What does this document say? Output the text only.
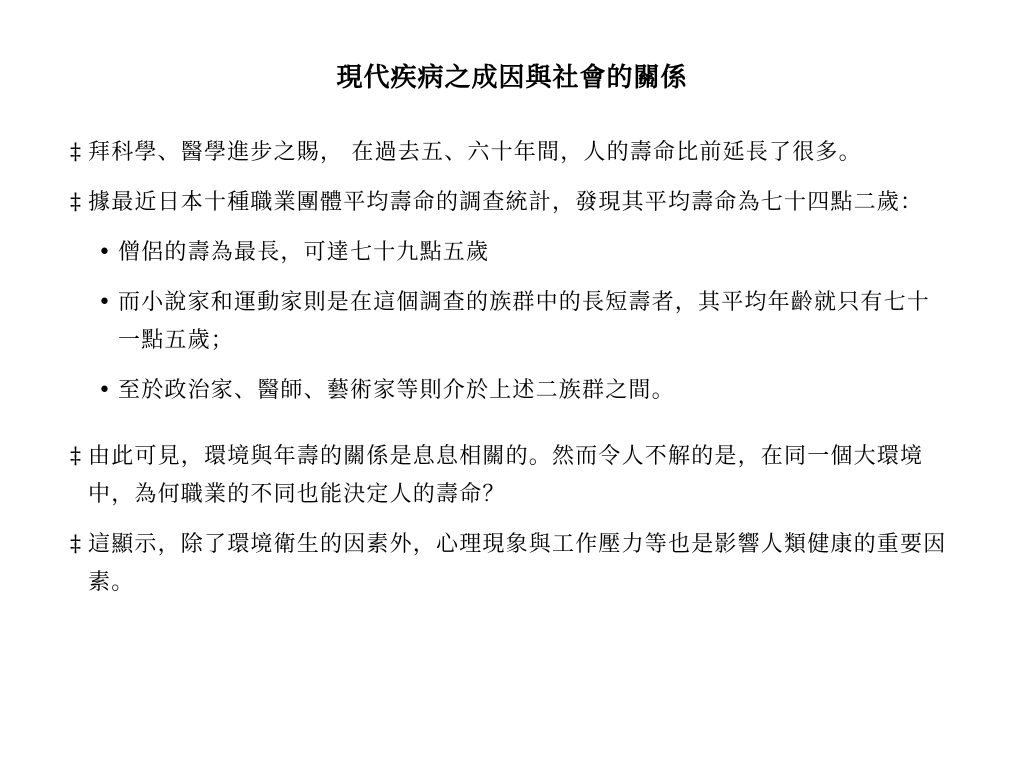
現代疾病之成因與社會的關係
‡ 拜科學、醫學進步之賜， 在過去五、六十年間，人的壽命比前延長了很多。
‡ 據最近日本十種職業團體平均壽命的調查統計，發現其平均壽命為七十四點二歲：
• 僧侶的壽為最長，可達七十九點五歲
• 而小說家和運動家則是在這個調查的族群中的長短壽者，其平均年齡就只有七十一點五歲；
• 至於政治家、醫師、藝術家等則介於上述二族群之間。
‡ 由此可見，環境與年壽的關係是息息相關的。然而令人不解的是，在同一個大環境中，為何職業的不同也能決定人的壽命？
‡ 這顯示，除了環境衛生的因素外，心理現象與工作壓力等也是影響人類健康的重要因素。
